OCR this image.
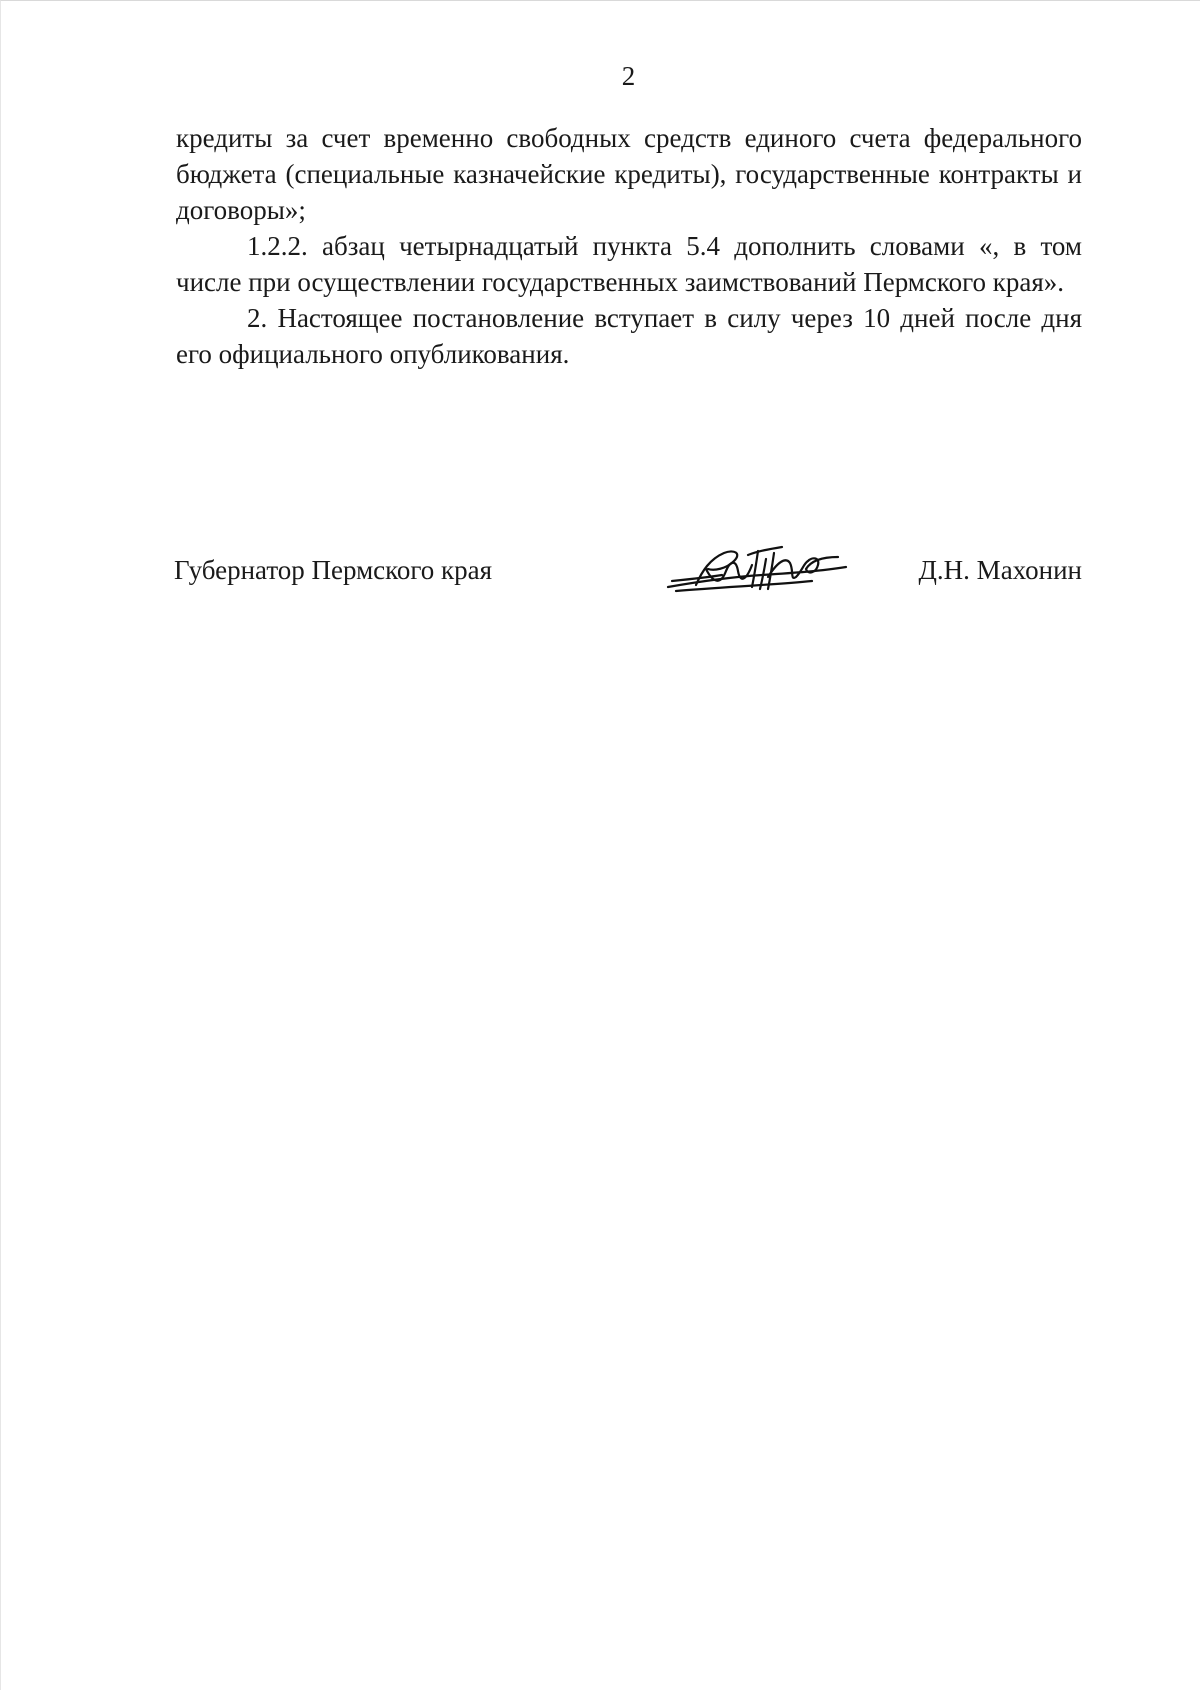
2

кредиты за счет временно свободных средств единого счета федерального бюджета (специальные казначейские кредиты), государственные контракты и договоры»;

1.2.2. абзац четырнадцатый пункта 5.4 дополнить словами «, в том числе при осуществлении государственных заимствований Пермского края».

2. Настоящее постановление вступает в силу через 10 дней после дня его официального опубликования.

Губернатор Пермского края	Д.Н. Махонин
